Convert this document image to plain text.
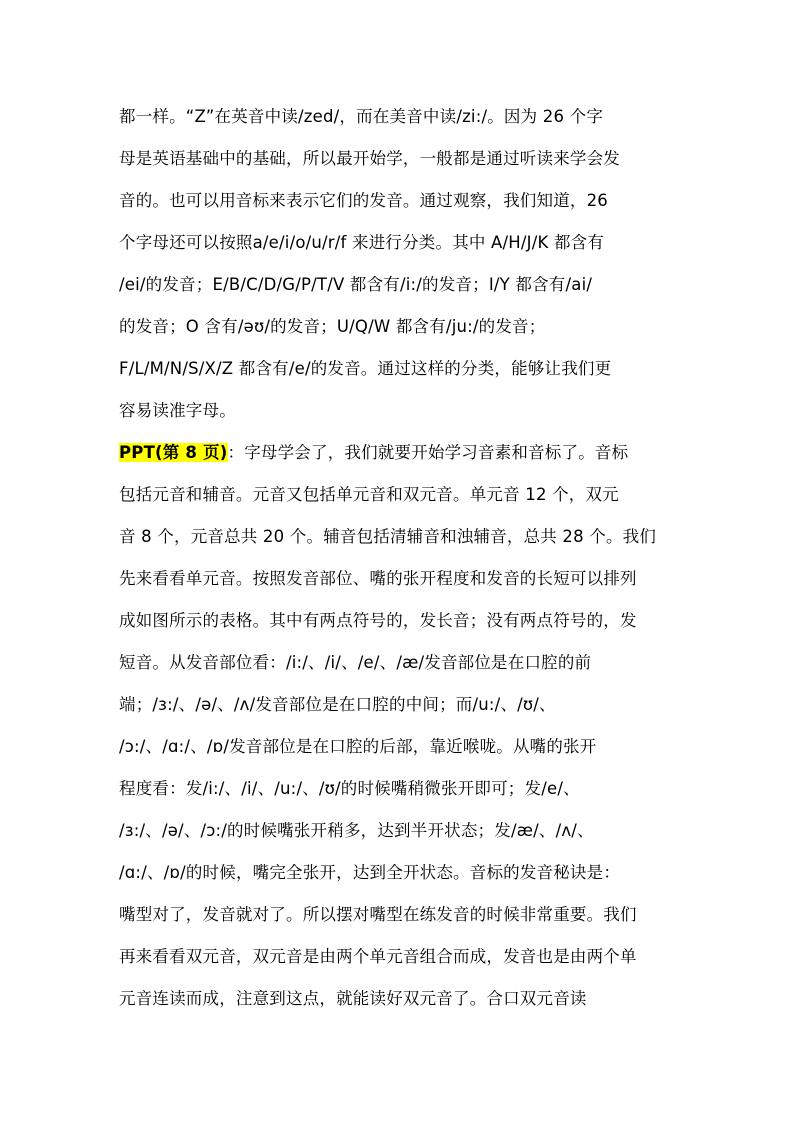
都一样。“Z”在英音中读/zed/，而在美音中读/zi:/。因为 26 个字
母是英语基础中的基础，所以最开始学，一般都是通过听读来学会发
音的。也可以用音标来表示它们的发音。通过观察，我们知道，26
个字母还可以按照a/e/i/o/u/r/f 来进行分类。其中 A/H/J/K 都含有
/ei/的发音；E/B/C/D/G/P/T/V 都含有/i:/的发音；I/Y 都含有/ai/
的发音；O 含有/əʊ/的发音；U/Q/W 都含有/ju:/的发音；
F/L/M/N/S/X/Z 都含有/e/的发音。通过这样的分类，能够让我们更
容易读准字母。
PPT(第 8 页)：字母学会了，我们就要开始学习音素和音标了。音标
包括元音和辅音。元音又包括单元音和双元音。单元音 12 个，双元
音 8 个，元音总共 20 个。辅音包括清辅音和浊辅音，总共 28 个。我们
先来看看单元音。按照发音部位、嘴的张开程度和发音的长短可以排列
成如图所示的表格。其中有两点符号的，发长音；没有两点符号的，发
短音。从发音部位看：/i:/、/i/、/e/、/æ/发音部位是在口腔的前
端；/ɜ:/、/ə/、/ʌ/发音部位是在口腔的中间；而/u:/、/ʊ/、
/ɔ:/、/ɑ:/、/ɒ/发音部位是在口腔的后部，靠近喉咙。从嘴的张开
程度看：发/i:/、/i/、/u:/、/ʊ/的时候嘴稍微张开即可；发/e/、
/ɜ:/、/ə/、/ɔ:/的时候嘴张开稍多，达到半开状态；发/æ/、/ʌ/、
/ɑ:/、/ɒ/的时候，嘴完全张开，达到全开状态。音标的发音秘诀是：
嘴型对了，发音就对了。所以摆对嘴型在练发音的时候非常重要。我们
再来看看双元音，双元音是由两个单元音组合而成，发音也是由两个单
元音连读而成，注意到这点，就能读好双元音了。合口双元音读
